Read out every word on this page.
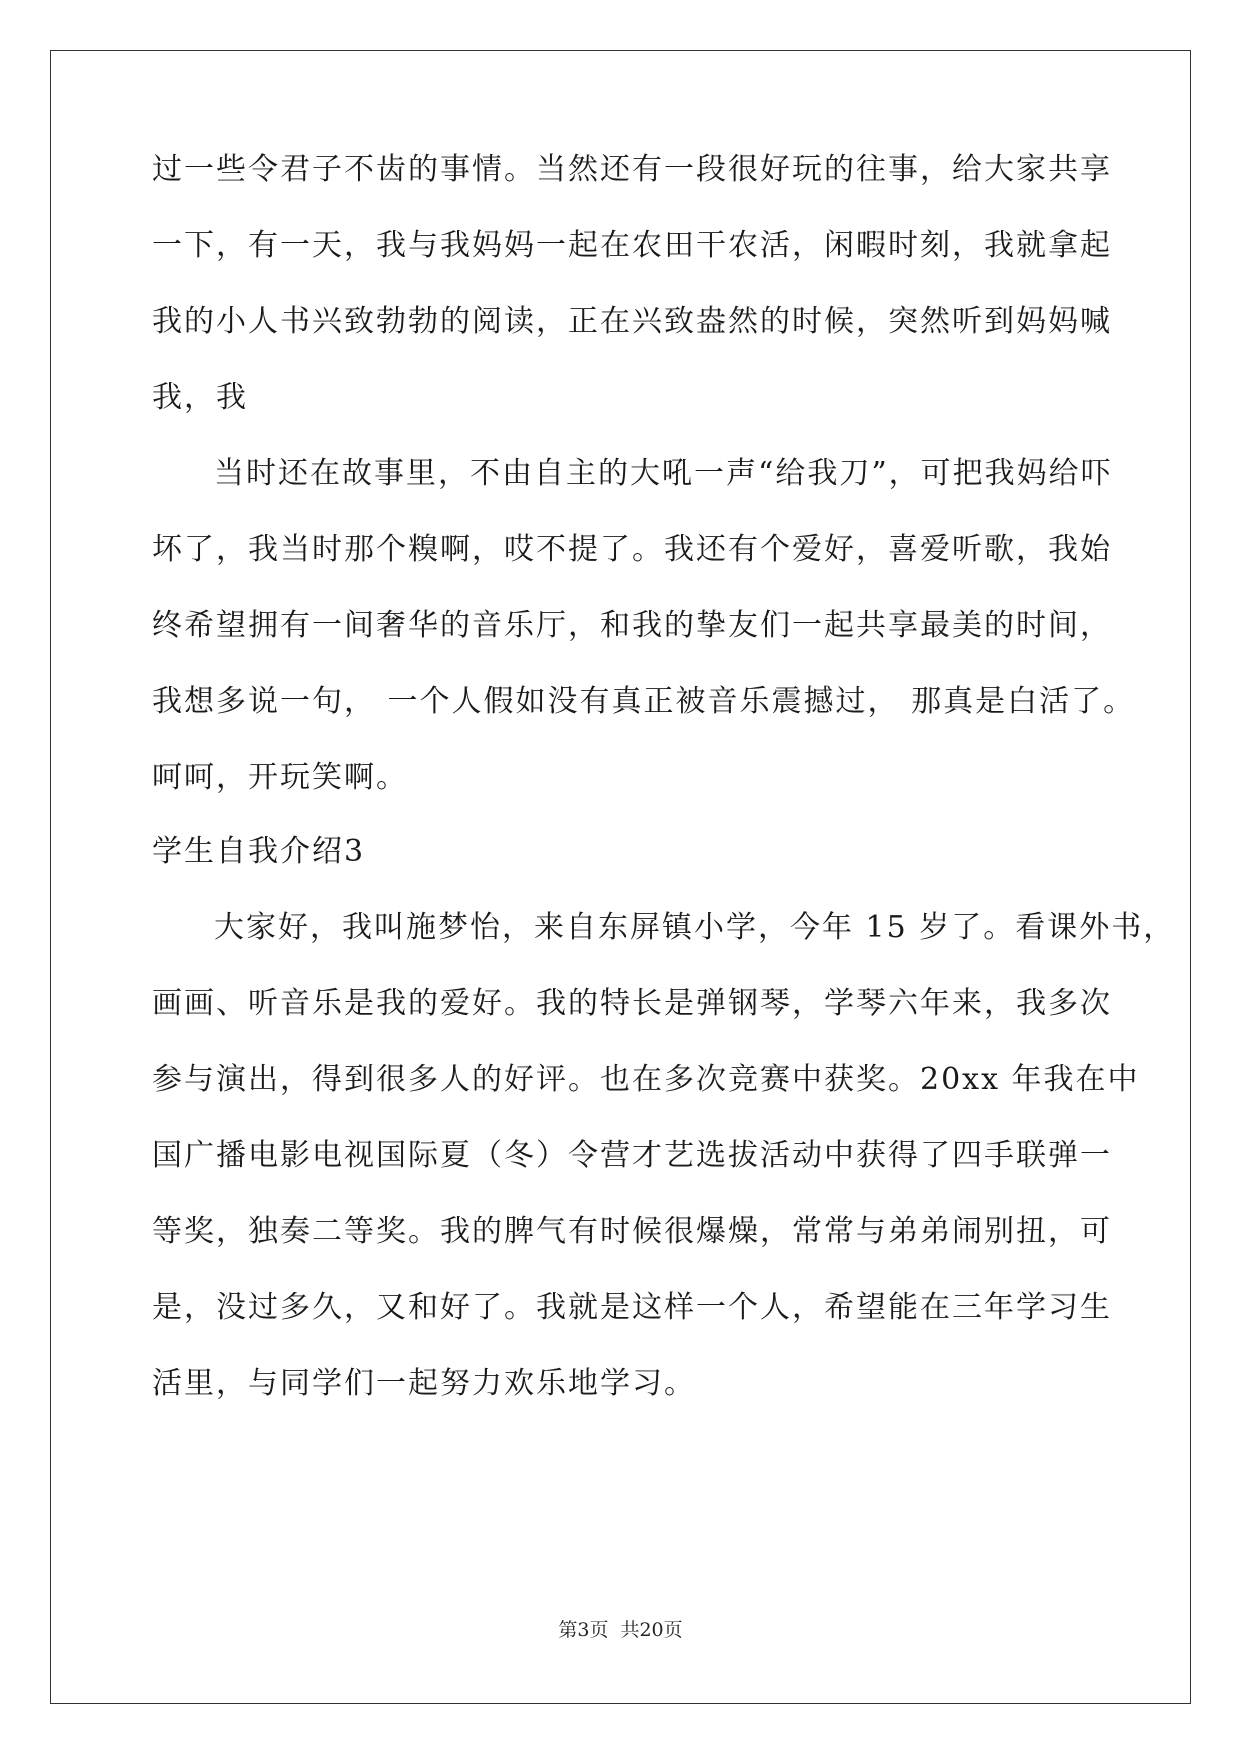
过一些令君子不齿的事情。当然还有一段很好玩的往事，给大家共享
一下，有一天，我与我妈妈一起在农田干农活，闲暇时刻，我就拿起
我的小人书兴致勃勃的阅读，正在兴致盎然的时候，突然听到妈妈喊
我，我
当时还在故事里，不由自主的大吼一声“给我刀”，可把我妈给吓
坏了，我当时那个糗啊，哎不提了。我还有个爱好，喜爱听歌，我始
终希望拥有一间奢华的音乐厅，和我的挚友们一起共享最美的时间，
我想多说一句， 一个人假如没有真正被音乐震撼过， 那真是白活了。
呵呵，开玩笑啊。
学生自我介绍3
大家好，我叫施梦怡，来自东屏镇小学，今年 15 岁了。看课外书，
画画、听音乐是我的爱好。我的特长是弹钢琴，学琴六年来，我多次
参与演出，得到很多人的好评。也在多次竞赛中获奖。20xx 年我在中
国广播电影电视国际夏（冬）令营才艺选拔活动中获得了四手联弹一
等奖，独奏二等奖。我的脾气有时候很爆燥，常常与弟弟闹别扭，可
是，没过多久，又和好了。我就是这样一个人，希望能在三年学习生
活里，与同学们一起努力欢乐地学习。
第3页 共20页
